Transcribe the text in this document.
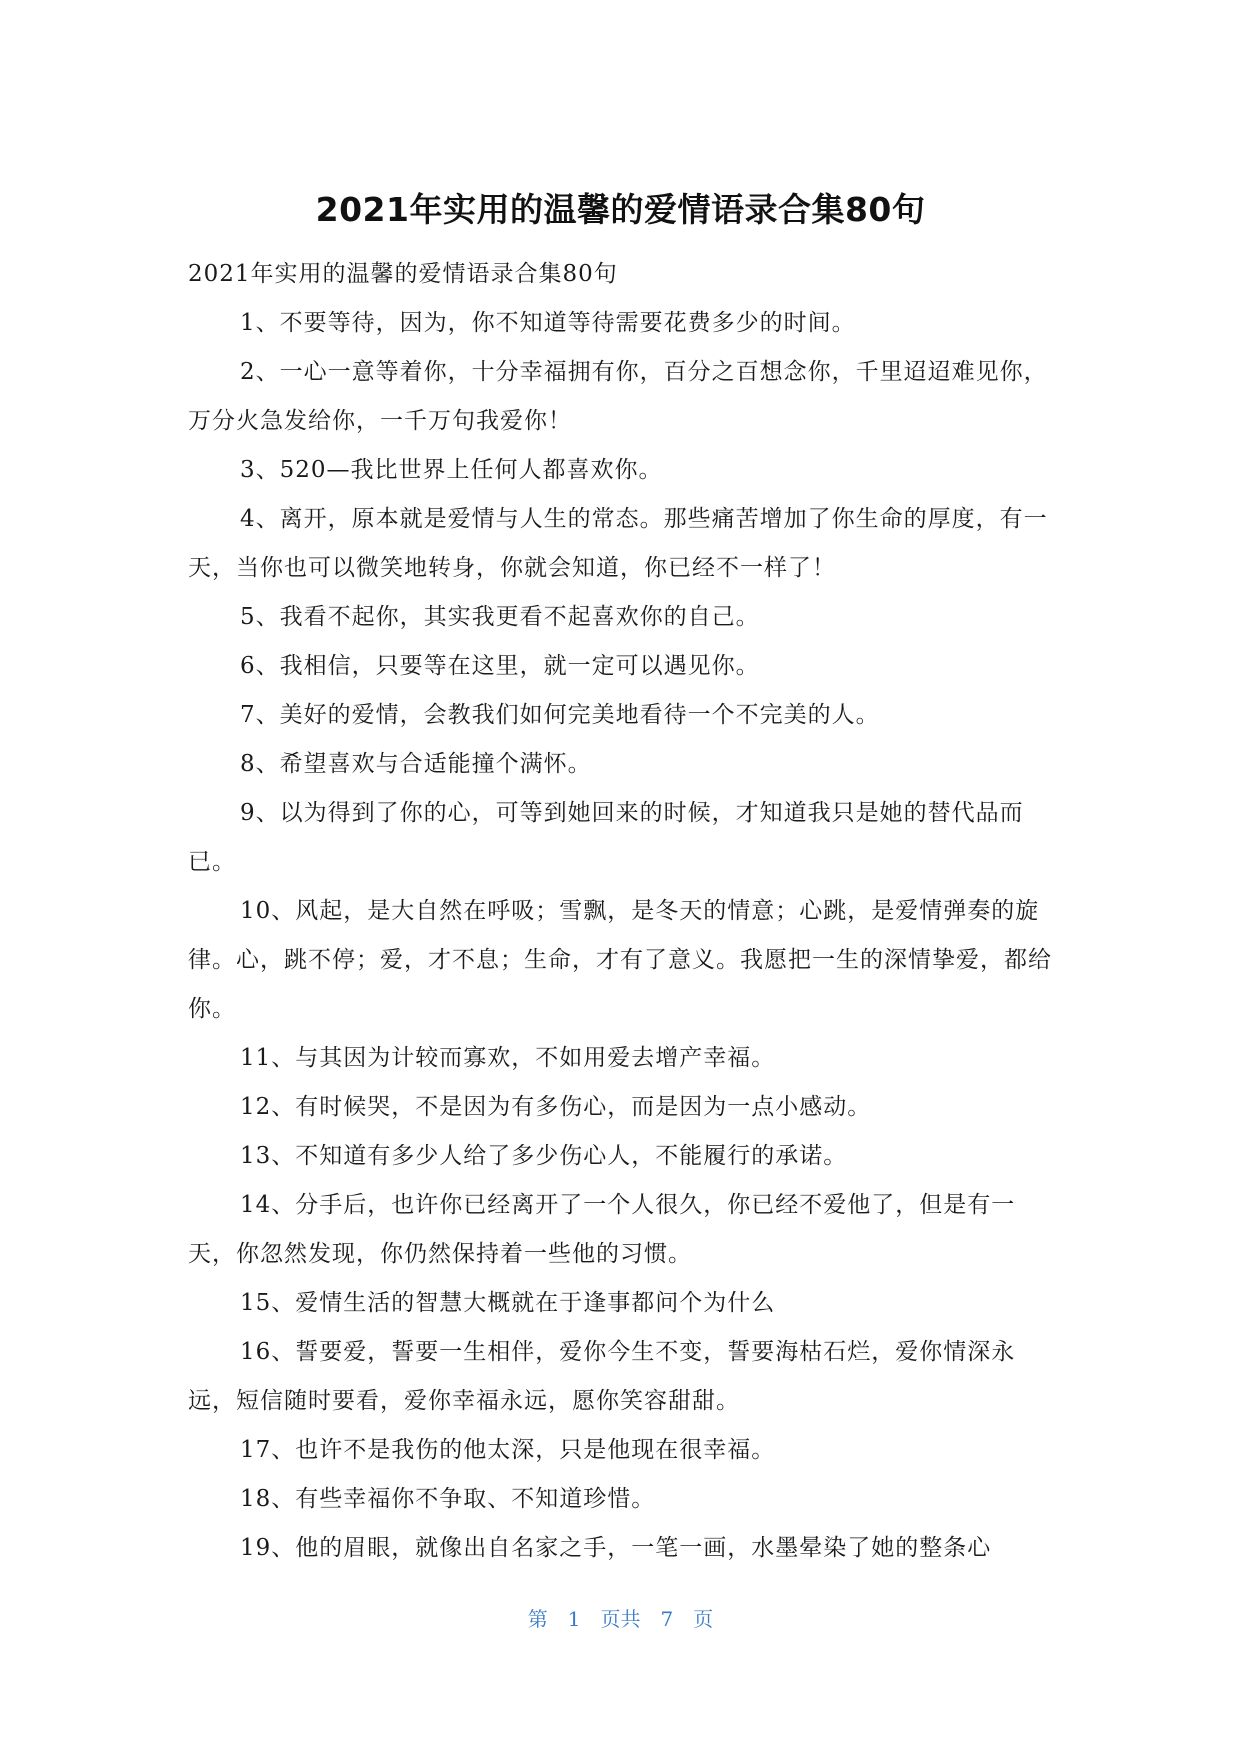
2021年实用的温馨的爱情语录合集80句

2021年实用的温馨的爱情语录合集80句

1、不要等待，因为，你不知道等待需要花费多少的时间。

2、一心一意等着你，十分幸福拥有你，百分之百想念你，千里迢迢难见你，万分火急发给你，一千万句我爱你！

3、520—我比世界上任何人都喜欢你。

4、离开，原本就是爱情与人生的常态。那些痛苦增加了你生命的厚度，有一天，当你也可以微笑地转身，你就会知道，你已经不一样了！

5、我看不起你，其实我更看不起喜欢你的自己。

6、我相信，只要等在这里，就一定可以遇见你。

7、美好的爱情，会教我们如何完美地看待一个不完美的人。

8、希望喜欢与合适能撞个满怀。

9、以为得到了你的心，可等到她回来的时候，才知道我只是她的替代品而已。

10、风起，是大自然在呼吸；雪飘，是冬天的情意；心跳，是爱情弹奏的旋律。心，跳不停；爱，才不息；生命，才有了意义。我愿把一生的深情挚爱，都给你。

11、与其因为计较而寡欢，不如用爱去增产幸福。

12、有时候哭，不是因为有多伤心，而是因为一点小感动。

13、不知道有多少人给了多少伤心人，不能履行的承诺。

14、分手后，也许你已经离开了一个人很久，你已经不爱他了，但是有一天，你忽然发现，你仍然保持着一些他的习惯。

15、爱情生活的智慧大概就在于逢事都问个为什么

16、誓要爱，誓要一生相伴，爱你今生不变，誓要海枯石烂，爱你情深永远，短信随时要看，爱你幸福永远，愿你笑容甜甜。

17、也许不是我伤的他太深，只是他现在很幸福。

18、有些幸福你不争取、不知道珍惜。

19、他的眉眼，就像出自名家之手，一笔一画，水墨晕染了她的整条心

第 1 页共 7 页
